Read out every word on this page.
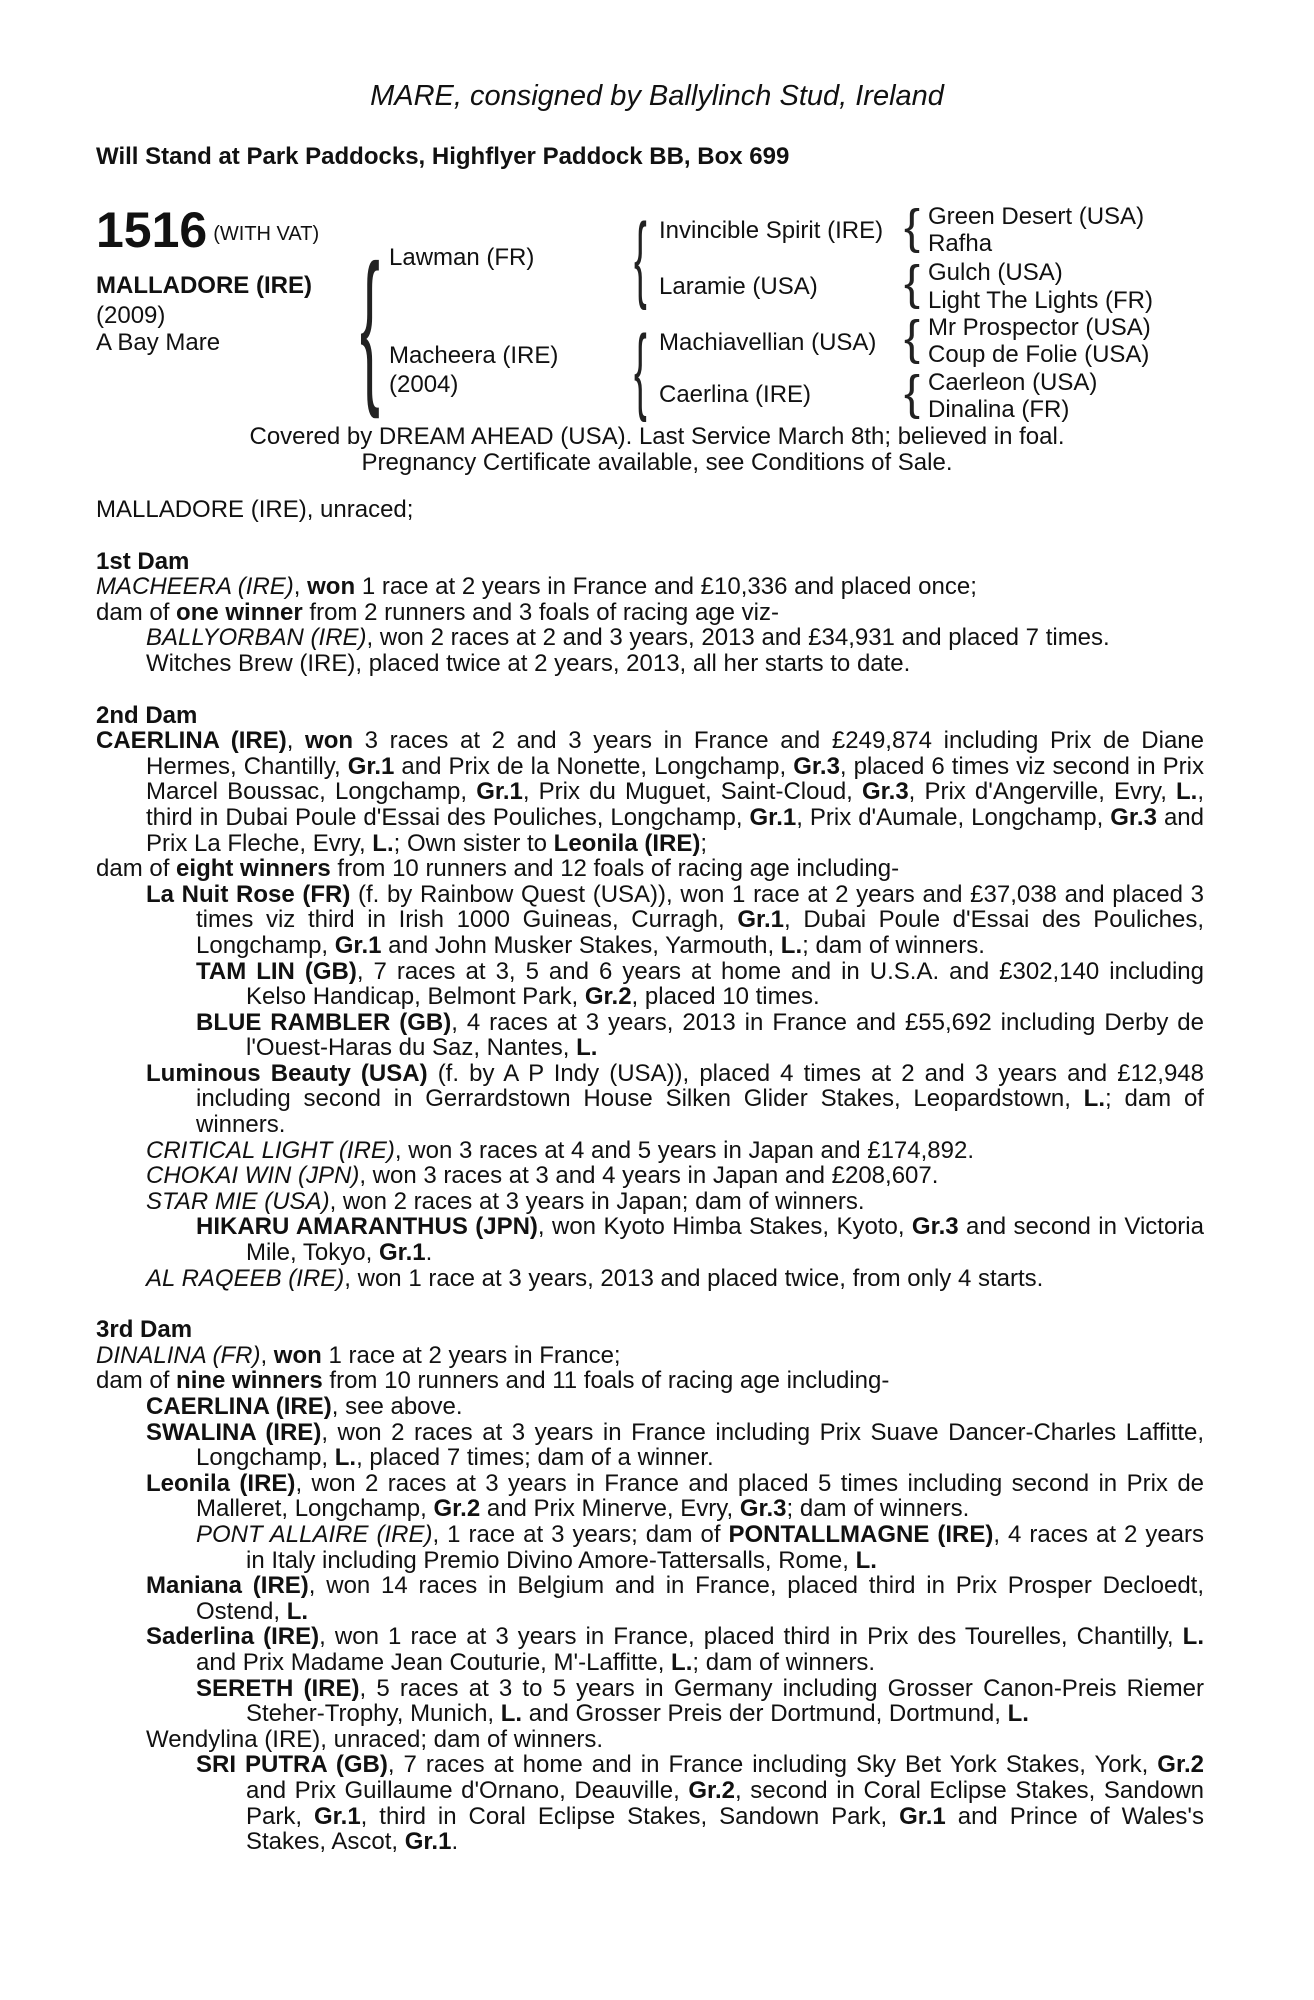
MARE, consigned by Ballylinch Stud, Ireland
Will Stand at Park Paddocks, Highflyer Paddock BB, Box 699
1516 (WITH VAT)
MALLADORE (IRE)
(2009)
A Bay Mare { Lawman (FR)
Macheera (IRE)
(2004)
{ Invincible Spirit (IRE)
Laramie (USA)
{ Machiavellian (USA)
Caerlina (IRE)
{ Green Desert (USA)
Rafha
{ Gulch (USA)
Light The Lights (FR)
{ Mr Prospector (USA)
Coup de Folie (USA)
{ Caerleon (USA)
Dinalina (FR)
Covered by DREAM AHEAD (USA). Last Service March 8th; believed in foal.
Pregnancy Certificate available, see Conditions of Sale.

MALLADORE (IRE), unraced;

1st Dam

MACHEERA (IRE), won 1 race at 2 years in France and £10,336 and placed once;

dam of one winner from 2 runners and 3 foals of racing age viz-

BALLYORBAN (IRE), won 2 races at 2 and 3 years, 2013 and £34,931 and placed 7 times.

Witches Brew (IRE), placed twice at 2 years, 2013, all her starts to date.

2nd Dam

CAERLINA (IRE), won 3 races at 2 and 3 years in France and £249,874 including Prix de Diane Hermes, Chantilly, Gr.1 and Prix de la Nonette, Longchamp, Gr.3, placed 6 times viz second in Prix Marcel Boussac, Longchamp, Gr.1, Prix du Muguet, Saint-Cloud, Gr.3, Prix d'Angerville, Evry, L., third in Dubai Poule d'Essai des Pouliches, Longchamp, Gr.1, Prix d'Aumale, Longchamp, Gr.3 and Prix La Fleche, Evry, L.; Own sister to Leonila (IRE);

dam of eight winners from 10 runners and 12 foals of racing age including-

La Nuit Rose (FR) (f. by Rainbow Quest (USA)), won 1 race at 2 years and £37,038 and placed 3 times viz third in Irish 1000 Guineas, Curragh, Gr.1, Dubai Poule d'Essai des Pouliches, Longchamp, Gr.1 and John Musker Stakes, Yarmouth, L.; dam of winners.

TAM LIN (GB), 7 races at 3, 5 and 6 years at home and in U.S.A. and £302,140 including Kelso Handicap, Belmont Park, Gr.2, placed 10 times.

BLUE RAMBLER (GB), 4 races at 3 years, 2013 in France and £55,692 including Derby de l'Ouest-Haras du Saz, Nantes, L.

Luminous Beauty (USA) (f. by A P Indy (USA)), placed 4 times at 2 and 3 years and £12,948 including second in Gerrardstown House Silken Glider Stakes, Leopardstown, L.; dam of winners.

CRITICAL LIGHT (IRE), won 3 races at 4 and 5 years in Japan and £174,892.

CHOKAI WIN (JPN), won 3 races at 3 and 4 years in Japan and £208,607.

STAR MIE (USA), won 2 races at 3 years in Japan; dam of winners.

HIKARU AMARANTHUS (JPN), won Kyoto Himba Stakes, Kyoto, Gr.3 and second in Victoria Mile, Tokyo, Gr.1.

AL RAQEEB (IRE), won 1 race at 3 years, 2013 and placed twice, from only 4 starts.

3rd Dam

DINALINA (FR), won 1 race at 2 years in France;

dam of nine winners from 10 runners and 11 foals of racing age including-

CAERLINA (IRE), see above.

SWALINA (IRE), won 2 races at 3 years in France including Prix Suave Dancer-Charles Laffitte, Longchamp, L., placed 7 times; dam of a winner.

Leonila (IRE), won 2 races at 3 years in France and placed 5 times including second in Prix de Malleret, Longchamp, Gr.2 and Prix Minerve, Evry, Gr.3; dam of winners.

PONT ALLAIRE (IRE), 1 race at 3 years; dam of PONTALLMAGNE (IRE), 4 races at 2 years in Italy including Premio Divino Amore-Tattersalls, Rome, L.

Maniana (IRE), won 14 races in Belgium and in France, placed third in Prix Prosper Decloedt, Ostend, L.

Saderlina (IRE), won 1 race at 3 years in France, placed third in Prix des Tourelles, Chantilly, L. and Prix Madame Jean Couturie, M'-Laffitte, L.; dam of winners.

SERETH (IRE), 5 races at 3 to 5 years in Germany including Grosser Canon-Preis Riemer Steher-Trophy, Munich, L. and Grosser Preis der Dortmund, Dortmund, L.

Wendylina (IRE), unraced; dam of winners.

SRI PUTRA (GB), 7 races at home and in France including Sky Bet York Stakes, York, Gr.2 and Prix Guillaume d'Ornano, Deauville, Gr.2, second in Coral Eclipse Stakes, Sandown Park, Gr.1, third in Coral Eclipse Stakes, Sandown Park, Gr.1 and Prince of Wales's Stakes, Ascot, Gr.1.
